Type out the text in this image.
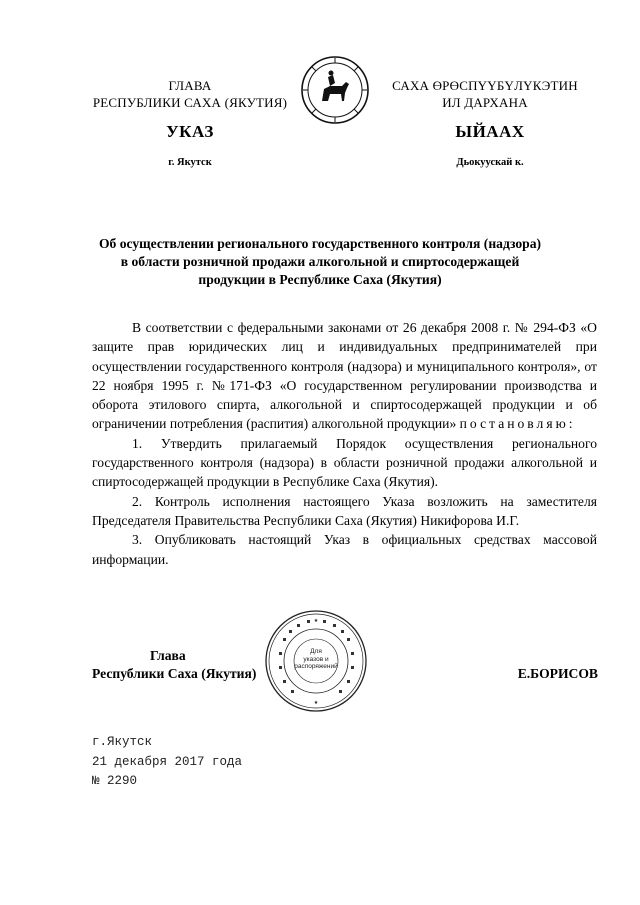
ГЛАВА
РЕСПУБЛИКИ САХА (ЯКУТИЯ)
САХА ӨРӨСПҮҮБҮЛҮКЭТИН
ИЛ ДАРХАНА
УКАЗ	ЫЙААХ
г. Якутск	Дьокуускай к.
Об осуществлении регионального государственного контроля (надзора)
в области розничной продажи алкогольной и спиртосодержащей
продукции в Республике Саха (Якутия)

В соответствии с федеральными законами от 26 декабря 2008 г. № 294-ФЗ «О защите прав юридических лиц и индивидуальных предпринимателей при осуществлении государственного контроля (надзора) и муниципального контроля», от 22 ноября 1995 г. №171-ФЗ «О государственном регулировании производства и оборота этилового спирта, алкогольной и спиртосодержащей продукции и об ограничении потребления (распития) алкогольной продукции» постановляю:

1. Утвердить прилагаемый Порядок осуществления регионального государственного контроля (надзора) в области розничной продажи алкогольной и спиртосодержащей продукции в Республике Саха (Якутия).

2. Контроль исполнения настоящего Указа возложить на заместителя Председателя Правительства Республики Саха (Якутия) Никифорова И.Г.

3. Опубликовать настоящий Указ в официальных средствах массовой информации.

★
★
Для
указов и
распоряжений
Глава
Республики Саха (Якутия)	Е.БОРИСОВ
г.Якутск
21 декабря 2017 года
№ 2290
